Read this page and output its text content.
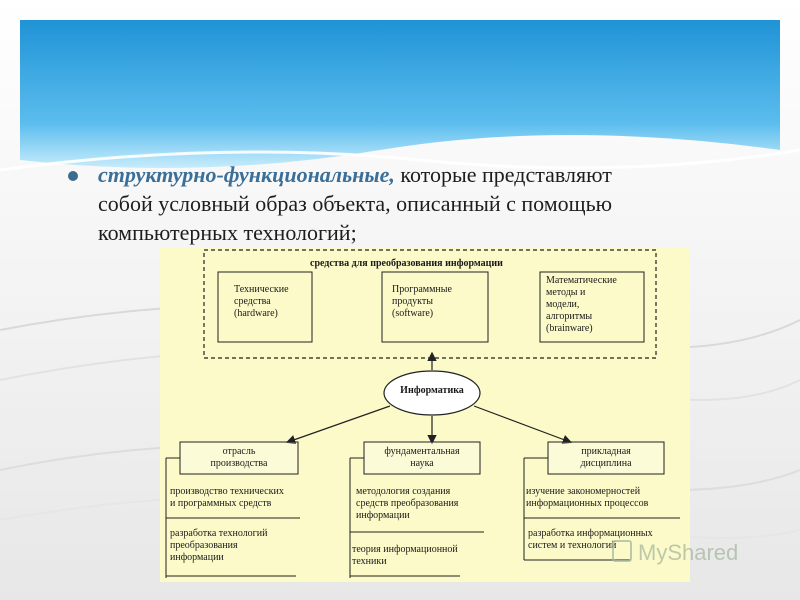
структурно-функциональные, которые представляют
собой условный образ объекта, описанный с помощью
компьютерных технологий;
средства для преобразования информации
Технические
средства
(hardware)
Программные
продукты
(software)
Математические
методы и
модели,
алгоритмы
(brainware)
Информатика
отрасль
производства
фундаментальная
наука
прикладная
дисциплина
производство технических
и программных средств
разработка технологий
преобразования
информации
методология создания
средств преобразования
информации
теория информационной
техники
изучение закономерностей
информационных процессов
разработка информационных
систем и технологий MyShared
